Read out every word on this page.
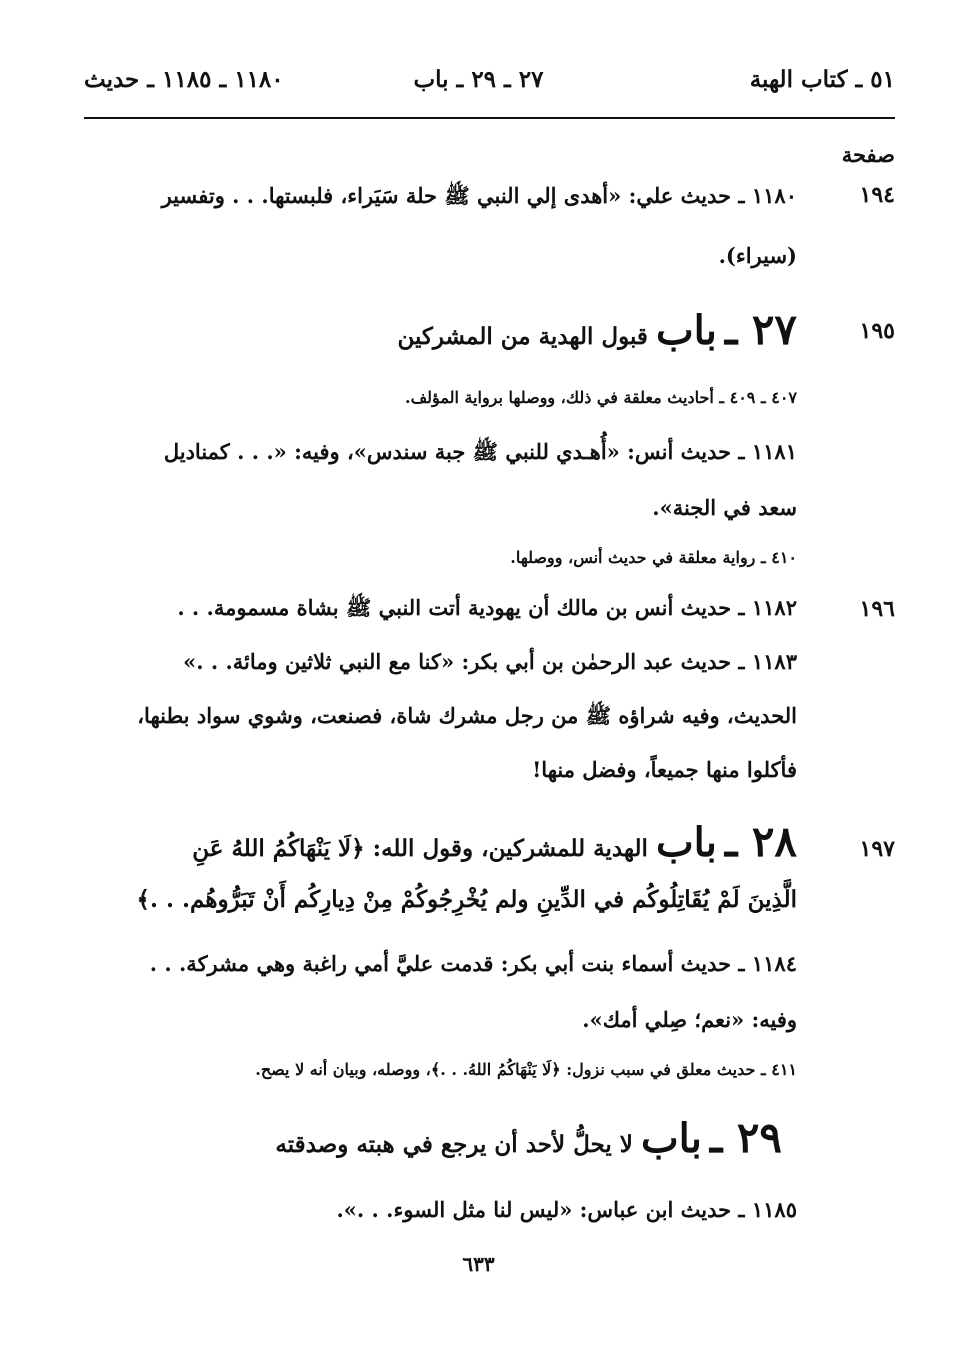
٥١ ـ كتاب الهبة
٢٧ ـ ٢٩ ـ باب
١١٨٠ ـ ١١٨٥ ـ حديث
صفحة
١٩٤
١١٨٠ ـ حديث علي: «أهدى إلي النبي ﷺ حلة سَيَراء، فلبستها. . . وتفسير
(سيراء).
١٩٥
٢٧ ـ باب قبول الهدية من المشركين
٤٠٧ ـ ٤٠٩ ـ أحاديث معلقة في ذلك، ووصلها برواية المؤلف.
١١٨١ ـ حديث أنس: «أُهـدي للنبي ﷺ جبة سندس»، وفيه: «. . . كمناديل
سعد في الجنة».
٤١٠ ـ رواية معلقة في حديث أنس، ووصلها.
١٩٦
١١٨٢ ـ حديث أنس بن مالك أن يهودية أتت النبي ﷺ بشاة مسمومة. . .
١١٨٣ ـ حديث عبد الرحمٰن بن أبي بكر: «كنا مع النبي ثلاثين ومائة. . .»
الحديث، وفيه شراؤه ﷺ من رجل مشرك شاة، فصنعت، وشوي سواد بطنها،
فأكلوا منها جميعاً، وفضل منها!
١٩٧
٢٨ ـ باب الهدية للمشركين، وقول الله: ﴿لَا يَنْهَاكُمُ اللهُ عَنِ
الَّذِينَ لَمْ يُقَاتِلُوكُم في الدِّينِ ولم يُخْرِجُوكُمْ مِنْ دِيارِكُم أَنْ تَبَرُّوهُم. . .﴾
١١٨٤ ـ حديث أسماء بنت أبي بكر: قدمت عليَّ أمي راغبة وهي مشركة. . .
وفيه: «نعم؛ صِلي أمك».
٤١١ ـ حديث معلق في سبب نزول: ﴿لَا يَنْهَاكُمُ اللهُ. . .﴾، ووصله، وبيان أنه لا يصح.
٢٩ ـ باب لا يحلُّ لأحد أن يرجع في هبته وصدقته
١١٨٥ ـ حديث ابن عباس: «ليس لنا مثل السوء. . .».
٦٣٣
